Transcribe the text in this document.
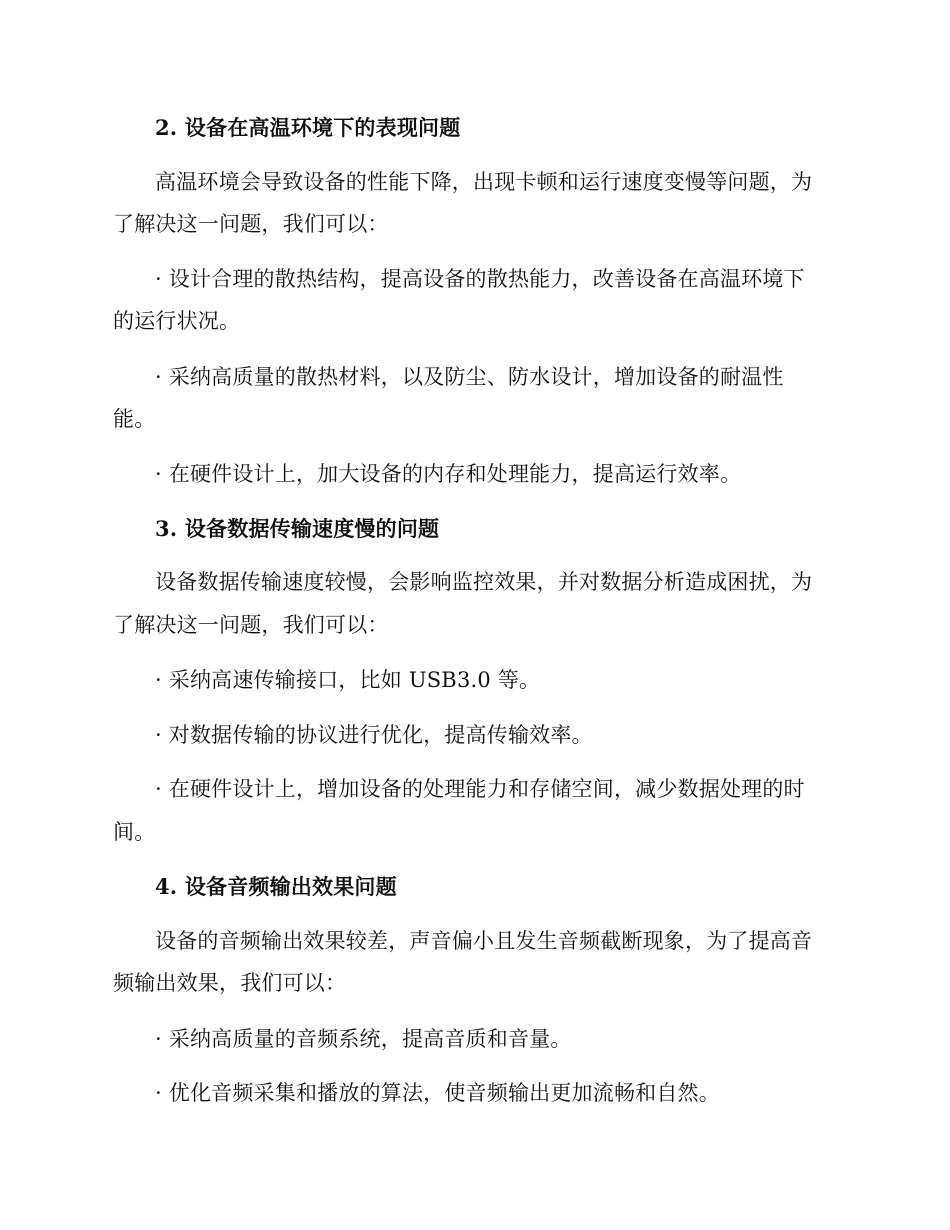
2. 设备在高温环境下的表现问题
高温环境会导致设备的性能下降，出现卡顿和运行速度变慢等问题，为
了解决这一问题，我们可以：
· 设计合理的散热结构，提高设备的散热能力，改善设备在高温环境下
的运行状况。
· 采纳高质量的散热材料，以及防尘、防水设计，增加设备的耐温性
能。
· 在硬件设计上，加大设备的内存和处理能力，提高运行效率。
3. 设备数据传输速度慢的问题
设备数据传输速度较慢，会影响监控效果，并对数据分析造成困扰，为
了解决这一问题，我们可以：
· 采纳高速传输接口，比如 USB3.0 等。
· 对数据传输的协议进行优化，提高传输效率。
· 在硬件设计上，增加设备的处理能力和存储空间，减少数据处理的时
间。
4. 设备音频输出效果问题
设备的音频输出效果较差，声音偏小且发生音频截断现象，为了提高音
频输出效果，我们可以：
· 采纳高质量的音频系统，提高音质和音量。
· 优化音频采集和播放的算法，使音频输出更加流畅和自然。
